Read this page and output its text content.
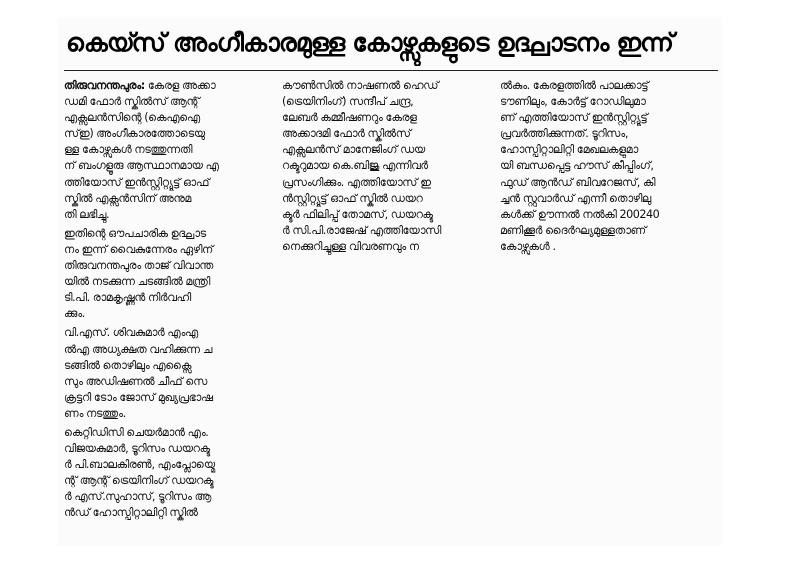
കെയ്സ് അംഗീകാരമുള്ള കോഴ്സുകളുടെ ഉദ്ഘാടനം ഇന്ന്
തിരുവനന്തപുരം: കേരള അക്കാ
ഡമി ഫോർ സ്കിൽസ് ആന്റ്
എക്സലൻസിന്റെ (കെഎഐ
സ്ഇ) അംഗീകാരത്തോടെയു
ള്ള കോഴ്സുകൾ നടത്തുന്നതി
ന് ബംഗളൂരു ആസ്ഥാനമായ എ
ത്തിയോസ് ഇൻസ്റ്റിറ്റ്യൂട്ട് ഓഫ്
സ്കിൽ എക്സൻസിന് അനുമ
തി ലഭിച്ചു.
ഇതിന്റെ ഔപചാരിക ഉദ്ഘാട
നം ഇന്ന് വൈകുന്നേരം ഏഴിന്
തിരുവനന്തപുരം താജ് വിവാന്ത
യിൽ നടക്കുന്ന ചടങ്ങിൽ മന്ത്രി
ടി.പി. രാമകൃഷ്ണൻ നിർവഹി
ക്കും.
വി.എസ്. ശിവകുമാർ എംഎ
ൽഎ അധ്യക്ഷത വഹിക്കുന്ന ച
ടങ്ങിൽ തൊഴിലും എക്സൈ
സും അഡിഷണൽ ചീഫ് സെ
ക്രട്ടറി ടോം ജോസ് മുഖ്യപ്രഭാഷ
ണം നടത്തും.
കെറ്റിഡിസി ചെയർമാൻ എം.
വിജയകുമാർ, ടൂറിസം ഡയറക്ട
ർ പി.ബാലകിരൺ, എംപ്ലോയ്മെ
ന്റ് ആന്റ് ട്രെയിനിംഗ് ഡയറക്ട
ർ എസ്.സുഹാസ്, ടൂറിസം ആ
ൻഡ് ഹോസ്പിറ്റാലിറ്റി സ്കിൽ
കൗൺസിൽ നാഷണൽ ഹെഡ്
(ട്രെയിനിംഗ്) സന്ദീപ് ചന്ദ്ര,
ലേബർ കമ്മീഷണറും കേരള
അക്കാദമി ഫോർ സ്കിൽസ്
എക്സലൻസ് മാനേജിംഗ് ഡയ
റക്ടറുമായ കെ.ബിജു എന്നിവർ
പ്രസംഗിക്കും. എത്തിയോസ് ഇ
ൻസ്റ്റിറ്റ്യൂട്ട് ഓഫ് സ്കിൽ ഡയറ
ക്ടർ ഫിലിപ്പ് തോമസ്, ഡയറക്ട
ർ സി.പി.രാജേഷ് എത്തിയോസി
നെക്കുറിച്ചുള്ള വിവരണവും ന
ൽകും. കേരളത്തിൽ പാലക്കാട്ട്
ടൗണിലും, കോർട്ട് റോഡിലുമാ
ണ് എത്തിയോസ് ഇൻസ്റ്റിറ്റ്യൂട്ട്
പ്രവർത്തിക്കുന്നത്. ടൂറിസം,
ഹോസ്പിറ്റാലിറ്റി മേഖലകളുമാ
യി ബന്ധപ്പെട്ട ഹൗസ് കീപ്പിംഗ്,
ഫുഡ് ആൻഡ് ബിവറേജസ്, കി
ച്ചൻ സ്റ്റുവാർഡ് എന്നീ തൊഴിലു
കൾക്ക് ഊന്നൽ നൽകി 200240
മണിക്കൂർ ദൈർഘ്യമുള്ളതാണ്
കോഴ്സുകൾ .
